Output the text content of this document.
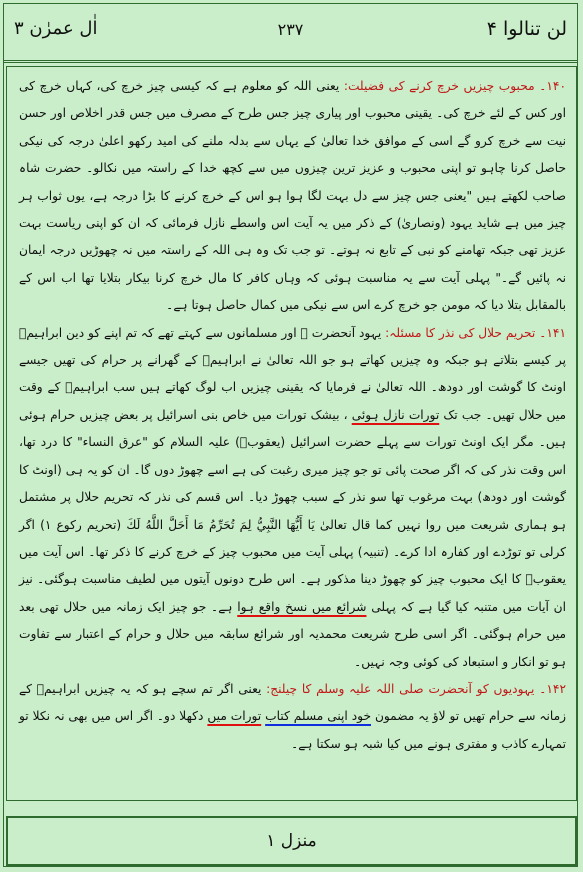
لن تنالوا ۴
۲۳۷
اٰل عمرٰن ۳

۱۴۰۔ محبوب چیزیں خرچ کرنے کی فضیلت: یعنی اللہ کو معلوم ہے کہ کیسی چیز خرچ کی، کہاں خرچ کی اور کس کے لئے خرچ کی۔ یقینی محبوب اور پیاری چیز جس طرح کے مصرف میں جس قدر اخلاص اور حسن نیت سے خرچ کرو گے اسی کے موافق خدا تعالیٰ کے یہاں سے بدلہ ملنے کی امید رکھو اعلیٰ درجہ کی نیکی حاصل کرنا چاہو تو اپنی محبوب و عزیز ترین چیزوں میں سے کچھ خدا کے راستہ میں نکالو۔ حضرت شاہ صاحب لکھتے ہیں "یعنی جس چیز سے دل بہت لگا ہوا ہو اس کے خرچ کرنے کا بڑا درجہ ہے، یوں ثواب ہر چیز میں ہے شاید یہود (ونصاریٰ) کے ذکر میں یہ آیت اس واسطے نازل فرمائی کہ ان کو اپنی ریاست بہت عزیز تھی جبکہ تھامنے کو نبی کے تابع نہ ہوتے۔ تو جب تک وہ ہی اللہ کے راستہ میں نہ چھوڑیں درجہ ایمان نہ پائیں گے۔" پہلی آیت سے یہ مناسبت ہوئی کہ وہاں کافر کا مال خرچ کرنا بیکار بتلایا تھا اب اس کے بالمقابل بتلا دیا کہ مومن جو خرچ کرے اس سے نیکی میں کمال حاصل ہوتا ہے۔

۱۴۱۔ تحریم حلال کی نذر کا مسئلہ: یہود آنحضرت ﷺ اور مسلمانوں سے کہتے تھے کہ تم اپنے کو دین ابراہیمؑ پر کیسے بتلاتے ہو جبکہ وہ چیزیں کھاتے ہو جو اللہ تعالیٰ نے ابراہیمؑ کے گھرانے پر حرام کی تھیں جیسے اونٹ کا گوشت اور دودھ۔ اللہ تعالیٰ نے فرمایا کہ یقینی چیزیں اب لوگ کھاتے ہیں سب ابراہیمؑ کے وقت میں حلال تھیں۔ جب تک تورات نازل ہوئی ، بیشک تورات میں خاص بنی اسرائیل پر بعض چیزیں حرام ہوئی ہیں۔ مگر ایک اونٹ تورات سے پہلے حضرت اسرائیل (یعقوبؑ) علیہ السلام کو "عرق النساء" کا درد تھا، اس وقت نذر کی کہ اگر صحت پائی تو جو چیز میری رغبت کی ہے اسے چھوڑ دوں گا۔ ان کو یہ ہی (اونٹ کا گوشت اور دودھ) بہت مرغوب تھا سو نذر کے سبب چھوڑ دیا۔ اس قسم کی نذر کہ تحریم حلال پر مشتمل ہو ہماری شریعت میں روا نہیں کما قال تعالیٰ يَا أَيُّهَا النَّبِيُّ لِمَ تُحَرِّمُ مَا أَحَلَّ اللَّهُ لَكَ (تحریم رکوع ۱) اگر کرلی تو توڑدے اور کفارہ ادا کرے۔ (تنبیہ) پہلی آیت میں محبوب چیز کے خرچ کرنے کا ذکر تھا۔ اس آیت میں یعقوبؑ کا ایک محبوب چیز کو چھوڑ دینا مذکور ہے۔ اس طرح دونوں آیتوں میں لطیف مناسبت ہوگئی۔ نیز ان آیات میں متنبہ کیا گیا ہے کہ پہلی شرائع میں نسخ واقع ہوا ہے۔ جو چیز ایک زمانہ میں حلال تھی بعد میں حرام ہوگئی۔ اگر اسی طرح شریعت محمدیہ اور شرائع سابقہ میں حلال و حرام کے اعتبار سے تفاوت ہو تو انکار و استبعاد کی کوئی وجہ نہیں۔

۱۴۲۔ یہودیوں کو آنحضرت صلی اللہ علیہ وسلم کا چیلنج: یعنی اگر تم سچے ہو کہ یہ چیزیں ابراہیمؑ کے زمانہ سے حرام تھیں تو لاؤ یہ مضمون خود اپنی مسلم کتاب تورات میں دکھلا دو۔ اگر اس میں بھی نہ نکلا تو تمہارے کاذب و مفتری ہونے میں کیا شبہ ہو سکتا ہے۔

منزل ۱
